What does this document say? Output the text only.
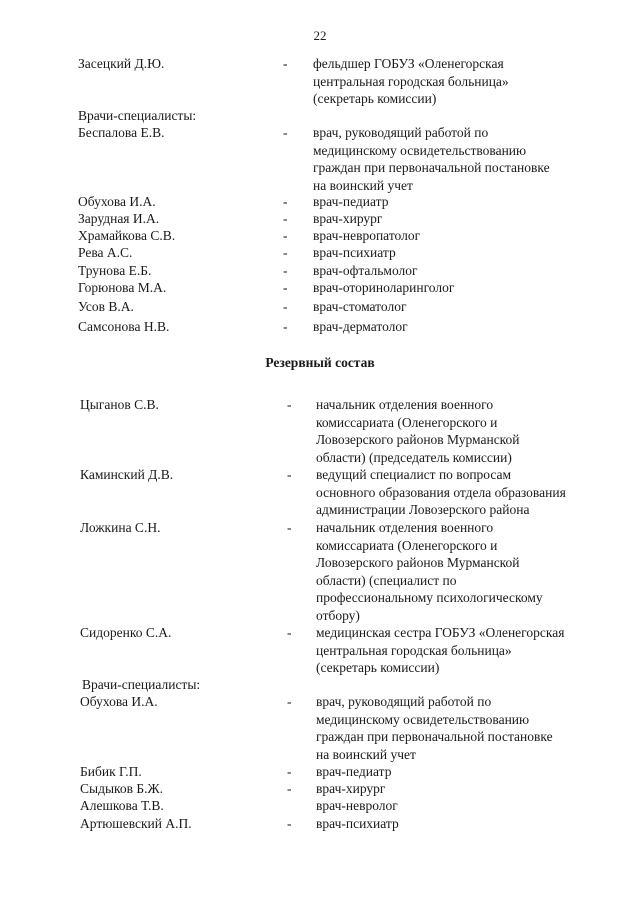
22
Засецкий Д.Ю.	- фельдшер ГОБУЗ «Оленегорская
центральная городская больница»
(секретарь комиссии)
Врачи-специалисты:
Беспалова Е.В.	- врач, руководящий работой по
медицинскому освидетельствованию
граждан при первоначальной постановке
на воинский учет
Обухова И.А.	- врач-педиатр
Зарудная И.А.	- врач-хирург
Храмайкова С.В.	- врач-невропатолог
Рева А.С.	- врач-психиатр
Трунова Е.Б.	- врач-офтальмолог
Горюнова М.А.	- врач-оториноларинголог
Усов В.А.	- врач-стоматолог
Самсонова Н.В.	- врач-дерматолог
Резервный состав
Цыганов С.В.	- начальник отделения военного
комиссариата (Оленегорского и
Ловозерского районов Мурманской
области) (председатель комиссии)
Каминский Д.В.	- ведущий специалист по вопросам
основного образования отдела образования
администрации Ловозерского района
Ложкина С.Н.	- начальник отделения военного
комиссариата (Оленегорского и
Ловозерского районов Мурманской
области) (специалист по
профессиональному психологическому
отбору)
Сидоренко С.А.	- медицинская сестра ГОБУЗ «Оленегорская
центральная городская больница»
(секретарь комиссии)
Врачи-специалисты:
Обухова И.А.	- врач, руководящий работой по
медицинскому освидетельствованию
граждан при первоначальной постановке
на воинский учет
Бибик Г.П.	- врач-педиатр
Сыдыков Б.Ж.	- врач-хирург
Алешкова Т.В.	врач-невролог
Артюшевский А.П.	- врач-психиатр
